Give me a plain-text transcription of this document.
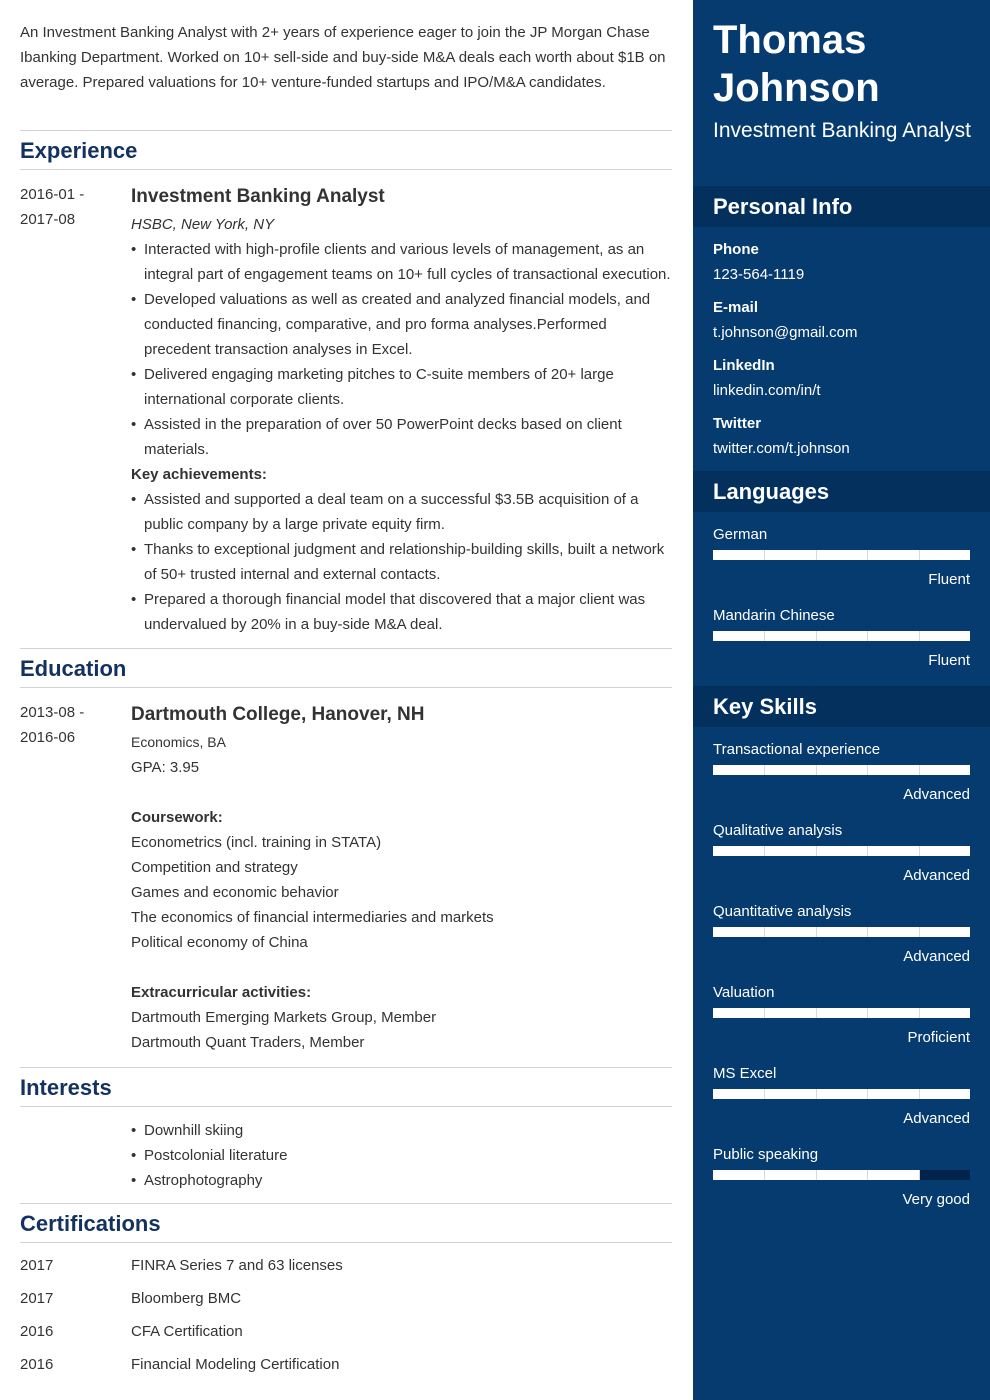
An Investment Banking Analyst with 2+ years of experience eager to join the JP Morgan Chase Ibanking Department. Worked on 10+ sell-side and buy-side M&A deals each worth about $1B on average. Prepared valuations for 10+ venture-funded startups and IPO/M&A candidates.
Experience
2016-01 -
2017-08
Investment Banking Analyst
HSBC, New York, NY
• Interacted with high-profile clients and various levels of management, as an integral part of engagement teams on 10+ full cycles of transactional execution.
• Developed valuations as well as created and analyzed financial models, and conducted financing, comparative, and pro forma analyses.Performed precedent transaction analyses in Excel.
• Delivered engaging marketing pitches to C-suite members of 20+ large international corporate clients.
• Assisted in the preparation of over 50 PowerPoint decks based on client materials.
Key achievements:
• Assisted and supported a deal team on a successful $3.5B acquisition of a public company by a large private equity firm.
• Thanks to exceptional judgment and relationship-building skills, built a network of 50+ trusted internal and external contacts.
• Prepared a thorough financial model that discovered that a major client was undervalued by 20% in a buy-side M&A deal.
Education
2013-08 -
2016-06
Dartmouth College, Hanover, NH
Economics, BA
GPA: 3.95
Coursework:
Econometrics (incl. training in STATA)
Competition and strategy
Games and economic behavior
The economics of financial intermediaries and markets
Political economy of China
Extracurricular activities:
Dartmouth Emerging Markets Group, Member
Dartmouth Quant Traders, Member
Interests
• Downhill skiing
• Postcolonial literature
• Astrophotography
Certifications
2017	FINRA Series 7 and 63 licenses
2017	Bloomberg BMC
2016	CFA Certification
2016	Financial Modeling Certification
Thomas
Johnson
Investment Banking Analyst
Personal Info
Phone
123-564-1119
E-mail
t.johnson@gmail.com
LinkedIn
linkedin.com/in/t
Twitter
twitter.com/t.johnson
Languages
German
Fluent
Mandarin Chinese
Fluent
Key Skills
Transactional experience
Advanced
Qualitative analysis
Advanced
Quantitative analysis
Advanced
Valuation
Proficient
MS Excel
Advanced
Public speaking
Very good
